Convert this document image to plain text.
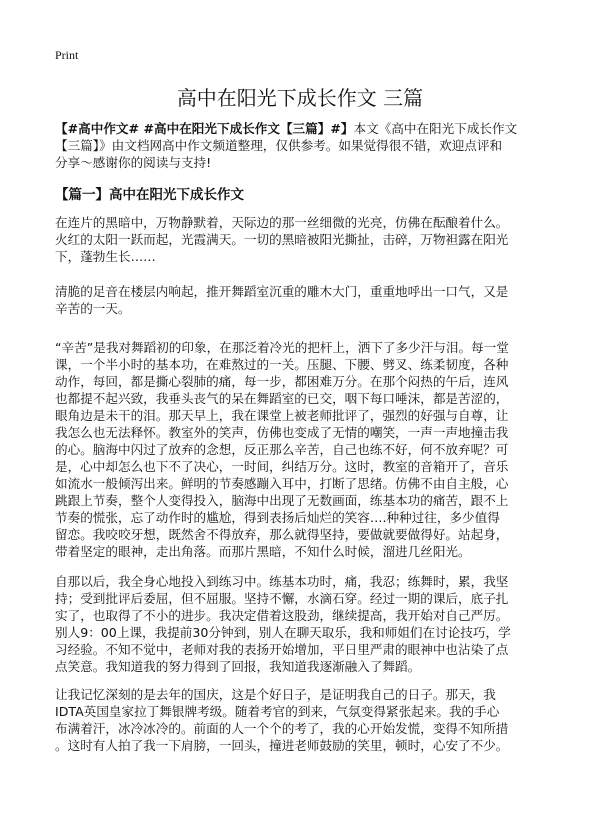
Print
高中在阳光下成长作文 三篇
【#高中作文# #高中在阳光下成长作文【三篇】#】本文《高中在阳光下成长作文
【三篇】》由文档网高中作文频道整理，仅供参考。如果觉得很不错，欢迎点评和
分享～感谢你的阅读与支持!
【篇一】高中在阳光下成长作文
在连片的黑暗中，万物静默着，天际边的那一丝细微的光亮，仿佛在酝酿着什么。
火红的太阳一跃而起，光霞满天。一切的黑暗被阳光撕扯，击碎，万物袒露在阳光
下，蓬勃生长……
清脆的足音在楼层内响起，推开舞蹈室沉重的雕木大门，重重地呼出一口气，又是
辛苦的一天。
“辛苦”是我对舞蹈初的印象，在那泛着冷光的把杆上，洒下了多少汗与泪。每一堂
课，一个半小时的基本功，在难熬过的一关。压腿、下腰、劈叉、练柔韧度，各种
动作，每回，都是撕心裂肺的痛，每一步，都困难万分。在那个闷热的午后，连风
也都提不起兴致，我垂头丧气的呆在舞蹈室的已交，咽下每口唾沫，都是苦涩的，
眼角边是未干的泪。那天早上，我在课堂上被老师批评了，强烈的好强与自尊，让
我怎么也无法释怀。教室外的笑声，仿佛也变成了无情的嘲笑，一声一声地撞击我
的心。脑海中闪过了放弃的念想，反正那么辛苦，自己也练不好，何不放弃呢？可
是，心中却怎么也下不了决心，一时间，纠结万分。这时，教室的音箱开了，音乐
如流水一般倾泻出来。鲜明的节奏感蹦入耳中，打断了思绪。仿佛不由自主般，心
跳跟上节奏，整个人变得投入，脑海中出现了无数画面，练基本功的痛苦，跟不上
节奏的慌张，忘了动作时的尴尬，得到表扬后灿烂的笑容….种种过往，多少值得
留恋。我咬咬牙想，既然舍不得放弃，那么就得坚持，要做就要做得好。站起身，
带着坚定的眼神，走出角落。而那片黑暗，不知什么时候，溜进几丝阳光。
自那以后，我全身心地投入到练习中。练基本功时，痛，我忍；练舞时，累，我坚
持；受到批评后委屈，但不屈服。坚持不懈，水滴石穿。经过一期的课后，底子扎
实了，也取得了不小的进步。我决定借着这股劲，继续提高，我开始对自己严厉。
别人9：00上课，我提前30分钟到，别人在聊天取乐，我和师姐们在讨论技巧，学
习经验。不知不觉中，老师对我的表扬开始增加，平日里严肃的眼神中也沾染了点
点笑意。我知道我的努力得到了回报，我知道我逐渐融入了舞蹈。
让我记忆深刻的是去年的国庆，这是个好日子，是证明我自己的日子。那天，我
IDTA英国皇家拉丁舞银牌考级。随着考官的到来，气氛变得紧张起来。我的手心
布满着汗，冰冷冰冷的。前面的人一个个的考了，我的心开始发慌，变得不知所措
。这时有人拍了我一下肩膀，一回头，撞进老师鼓励的笑里，顿时，心安了不少。
